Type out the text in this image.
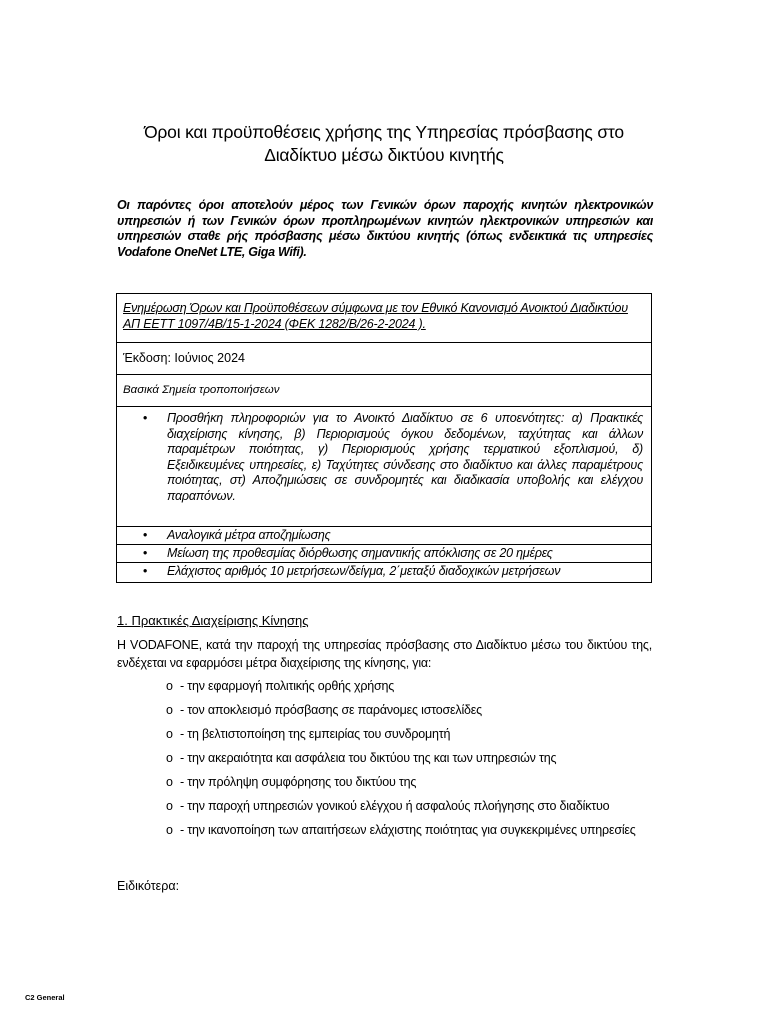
Όροι και προϋποθέσεις χρήσης της Υπηρεσίας πρόσβασης στο
Διαδίκτυο μέσω δικτύου κινητής
Οι παρόντες όροι αποτελούν μέρος των Γενικών όρων παροχής κινητών ηλεκτρονικών υπηρεσιών ή των Γενικών όρων προπληρωμένων κινητών ηλεκτρονικών υπηρεσιών και υπηρεσιών σταθε ρής πρόσβασης μέσω δικτύου κινητής (όπως ενδεικτικά τις υπηρεσίες Vodafone OneNet LTE, Giga Wifi).
Ενημέρωση Όρων και Προϋποθέσεων σύμφωνα με τον Εθνικό Κανονισμό Ανοικτού Διαδικτύου ΑΠ ΕΕΤΤ 1097/4Β/15-1-2024 (ΦΕΚ 1282/Β/26-2-2024 ).
Έκδοση: Ιούνιος 2024
Βασικά Σημεία τροποποιήσεων
•	Προσθήκη πληροφοριών για το Ανοικτό Διαδίκτυο σε 6 υποενότητες: α) Πρακτικές διαχείρισης κίνησης, β) Περιορισμούς όγκου δεδομένων, ταχύτητας και άλλων παραμέτρων ποιότητας, γ) Περιορισμούς χρήσης τερματικού εξοπλισμού, δ) Εξειδικευμένες υπηρεσίες, ε) Ταχύτητες σύνδεσης στο διαδίκτυο και άλλες παραμέτρους ποιότητας, στ) Αποζημιώσεις σε συνδρομητές και διαδικασία υποβολής και ελέγχου παραπόνων.
•	Αναλογικά μέτρα αποζημίωσης
•	Μείωση της προθεσμίας διόρθωσης σημαντικής απόκλισης σε 20 ημέρες
•	Ελάχιστος αριθμός 10 μετρήσεων/δείγμα, 2΄μεταξύ διαδοχικών μετρήσεων
1. Πρακτικές Διαχείρισης Κίνησης
Η VODAFONE, κατά την παροχή της υπηρεσίας πρόσβασης στο Διαδίκτυο μέσω του δικτύου της, ενδέχεται να εφαρμόσει μέτρα διαχείρισης της κίνησης, για:
o - την εφαρμογή πολιτικής ορθής χρήσης
o - τον αποκλεισμό πρόσβασης σε παράνομες ιστοσελίδες
o - τη βελτιστοποίηση της εμπειρίας του συνδρομητή
o - την ακεραιότητα και ασφάλεια του δικτύου της και των υπηρεσιών της
o - την πρόληψη συμφόρησης του δικτύου της
o - την παροχή υπηρεσιών γονικού ελέγχου ή ασφαλούς πλοήγησης στο διαδίκτυο
o - την ικανοποίηση των απαιτήσεων ελάχιστης ποιότητας για συγκεκριμένες υπηρεσίες
Ειδικότερα:
C2 General
